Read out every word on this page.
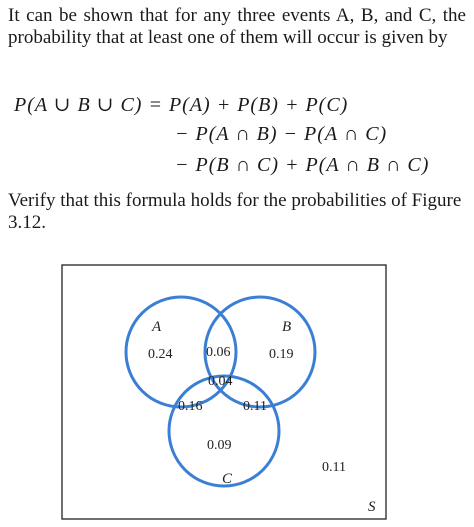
It can be shown that for any three events A, B, and C, the probability that at least one of them will occur is given by
P(A ∪ B ∪ C) = P(A) + P(B) + P(C)
− P(A ∩ B) − P(A ∩ C)
− P(B ∩ C) + P(A ∩ B ∩ C)
Verify that this formula holds for the probabilities of Figure 3.12.
A	B
C
S
0.24 0.06	0.19
0.04
0.16	0.11
0.09
0.11
